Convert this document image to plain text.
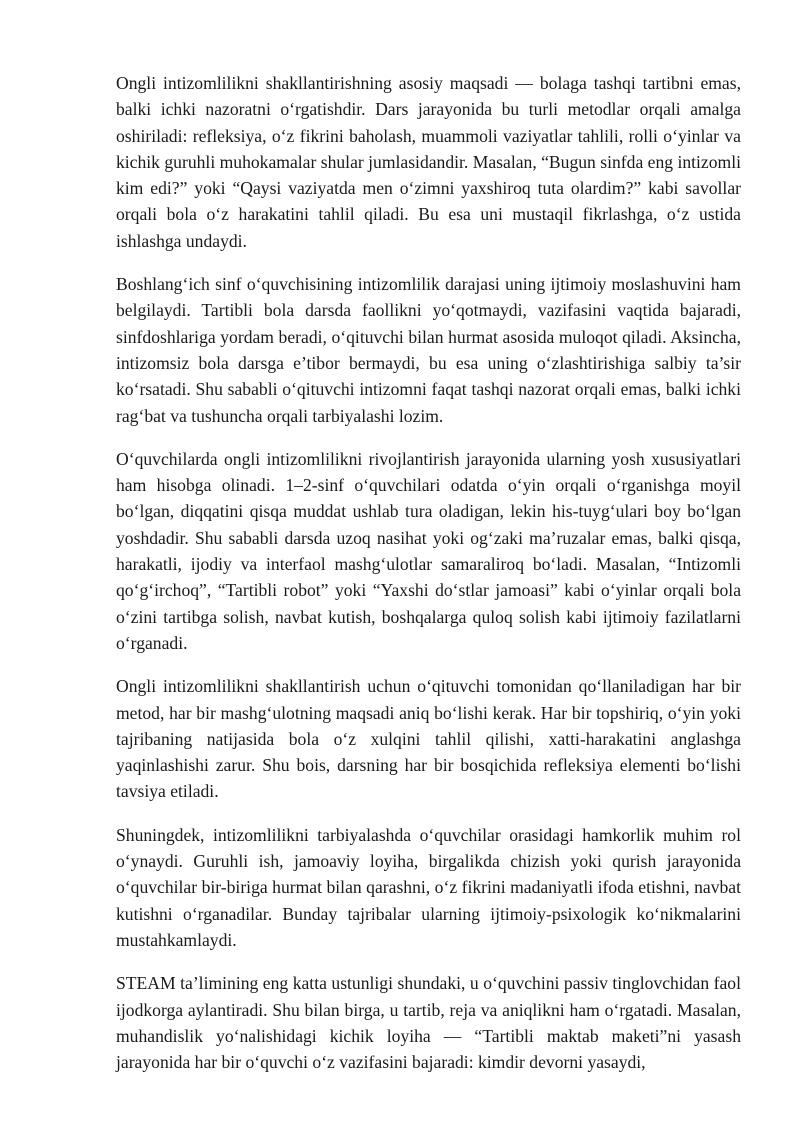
Ongli intizomlilikni shakllantirishning asosiy maqsadi — bolaga tashqi tartibni emas, balki ichki nazoratni o‘rgatishdir. Dars jarayonida bu turli metodlar orqali amalga oshiriladi: refleksiya, o‘z fikrini baholash, muammoli vaziyatlar tahlili, rolli o‘yinlar va kichik guruhli muhokamalar shular jumlasidandir. Masalan, “Bugun sinfda eng intizomli kim edi?” yoki “Qaysi vaziyatda men o‘zimni yaxshiroq tuta olardim?” kabi savollar orqali bola o‘z harakatini tahlil qiladi. Bu esa uni mustaqil fikrlashga, o‘z ustida ishlashga undaydi.

Boshlang‘ich sinf o‘quvchisining intizomlilik darajasi uning ijtimoiy moslashuvini ham belgilaydi. Tartibli bola darsda faollikni yo‘qotmaydi, vazifasini vaqtida bajaradi, sinfdoshlariga yordam beradi, o‘qituvchi bilan hurmat asosida muloqot qiladi. Aksincha, intizomsiz bola darsga e’tibor bermaydi, bu esa uning o‘zlashtirishiga salbiy ta’sir ko‘rsatadi. Shu sababli o‘qituvchi intizomni faqat tashqi nazorat orqali emas, balki ichki rag‘bat va tushuncha orqali tarbiyalashi lozim.

O‘quvchilarda ongli intizomlilikni rivojlantirish jarayonida ularning yosh xususiyatlari ham hisobga olinadi. 1–2-sinf o‘quvchilari odatda o‘yin orqali o‘rganishga moyil bo‘lgan, diqqatini qisqa muddat ushlab tura oladigan, lekin his-tuyg‘ulari boy bo‘lgan yoshdadir. Shu sababli darsda uzoq nasihat yoki og‘zaki ma’ruzalar emas, balki qisqa, harakatli, ijodiy va interfaol mashg‘ulotlar samaraliroq bo‘ladi. Masalan, “Intizomli qo‘g‘irchoq”, “Tartibli robot” yoki “Yaxshi do‘stlar jamoasi” kabi o‘yinlar orqali bola o‘zini tartibga solish, navbat kutish, boshqalarga quloq solish kabi ijtimoiy fazilatlarni o‘rganadi.

Ongli intizomlilikni shakllantirish uchun o‘qituvchi tomonidan qo‘llaniladigan har bir metod, har bir mashg‘ulotning maqsadi aniq bo‘lishi kerak. Har bir topshiriq, o‘yin yoki tajribaning natijasida bola o‘z xulqini tahlil qilishi, xatti-harakatini anglashga yaqinlashishi zarur. Shu bois, darsning har bir bosqichida refleksiya elementi bo‘lishi tavsiya etiladi.

Shuningdek, intizomlilikni tarbiyalashda o‘quvchilar orasidagi hamkorlik muhim rol o‘ynaydi. Guruhli ish, jamoaviy loyiha, birgalikda chizish yoki qurish jarayonida o‘quvchilar bir-biriga hurmat bilan qarashni, o‘z fikrini madaniyatli ifoda etishni, navbat kutishni o‘rganadilar. Bunday tajribalar ularning ijtimoiy-psixologik ko‘nikmalarini mustahkamlaydi.

STEAM ta’limining eng katta ustunligi shundaki, u o‘quvchini passiv tinglovchidan faol ijodkorga aylantiradi. Shu bilan birga, u tartib, reja va aniqlikni ham o‘rgatadi. Masalan, muhandislik yo‘nalishidagi kichik loyiha — “Tartibli maktab maketi”ni yasash jarayonida har bir o‘quvchi o‘z vazifasini bajaradi: kimdir devorni yasaydi,
